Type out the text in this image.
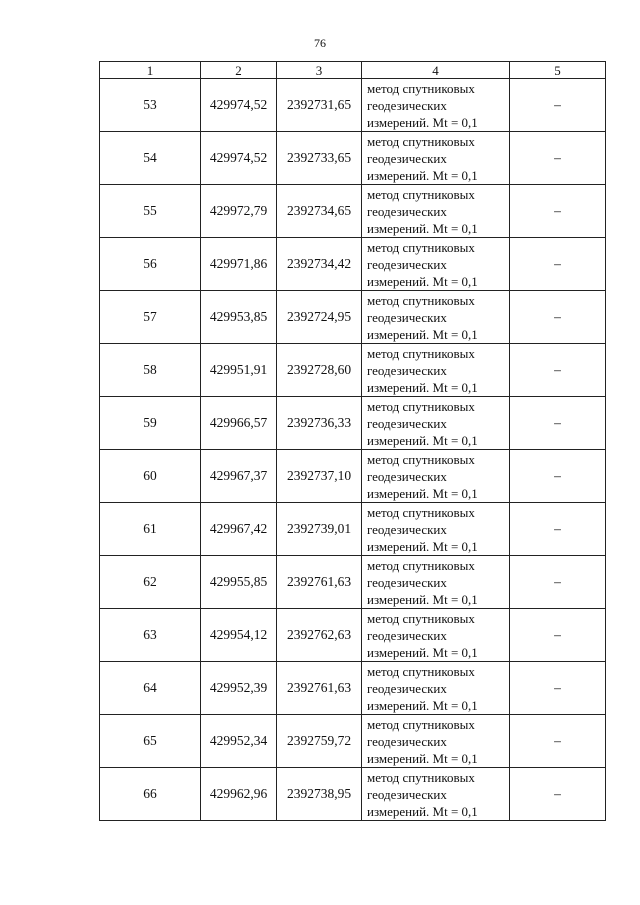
76
1	2	3	4	5
53	429974,52	2392731,65	метод спутниковых
геодезических
измерений. Mt = 0,1	–
54	429974,52	2392733,65	метод спутниковых
геодезических
измерений. Mt = 0,1	–
55	429972,79	2392734,65	метод спутниковых
геодезических
измерений. Mt = 0,1	–
56	429971,86	2392734,42	метод спутниковых
геодезических
измерений. Mt = 0,1	–
57	429953,85	2392724,95	метод спутниковых
геодезических
измерений. Mt = 0,1	–
58	429951,91	2392728,60	метод спутниковых
геодезических
измерений. Mt = 0,1	–
59	429966,57	2392736,33	метод спутниковых
геодезических
измерений. Mt = 0,1	–
60	429967,37	2392737,10	метод спутниковых
геодезических
измерений. Mt = 0,1	–
61	429967,42	2392739,01	метод спутниковых
геодезических
измерений. Mt = 0,1	–
62	429955,85	2392761,63	метод спутниковых
геодезических
измерений. Mt = 0,1	–
63	429954,12	2392762,63	метод спутниковых
геодезических
измерений. Mt = 0,1	–
64	429952,39	2392761,63	метод спутниковых
геодезических
измерений. Mt = 0,1	–
65	429952,34	2392759,72	метод спутниковых
геодезических
измерений. Mt = 0,1	–
66	429962,96	2392738,95	метод спутниковых
геодезических
измерений. Mt = 0,1	–
